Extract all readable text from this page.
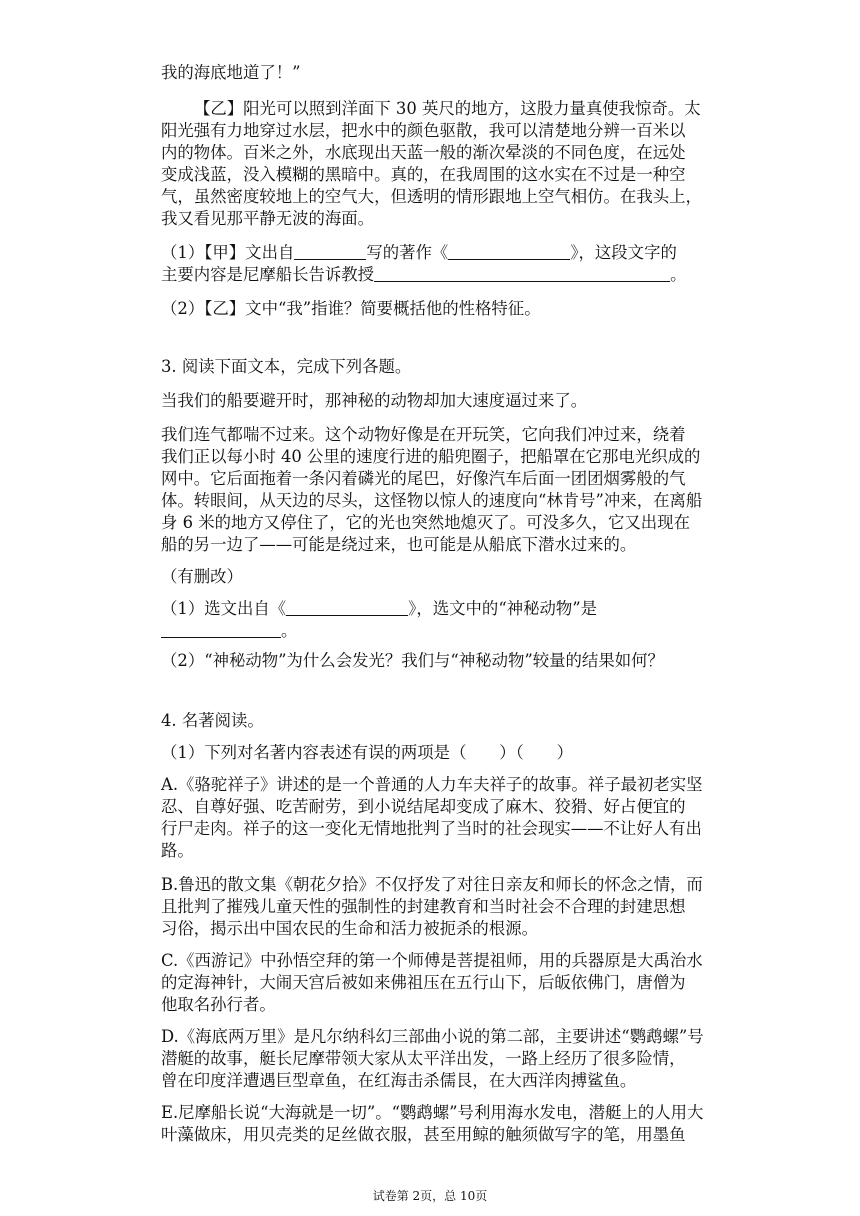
我的海底地道了！”
【乙】阳光可以照到洋面下 30 英尺的地方，这股力量真使我惊奇。太
阳光强有力地穿过水层，把水中的颜色驱散，我可以清楚地分辨一百米以
内的物体。百米之外，水底现出天蓝一般的渐次晕淡的不同色度，在远处
变成浅蓝，没入模糊的黑暗中。真的，在我周围的这水实在不过是一种空
气，虽然密度较地上的空气大，但透明的情形跟地上空气相仿。在我头上，
我又看见那平静无波的海面。
（1）【甲】文出自	写的著作《	》，这段文字的
主要内容是尼摩船长告诉教授	。
（2）【乙】文中“我”指谁？简要概括他的性格特征。
3. 阅读下面文本，完成下列各题。
当我们的船要避开时，那神秘的动物却加大速度逼过来了。
我们连气都喘不过来。这个动物好像是在开玩笑，它向我们冲过来，绕着
我们正以每小时 40 公里的速度行进的船兜圈子，把船罩在它那电光织成的
网中。它后面拖着一条闪着磷光的尾巴，好像汽车后面一团团烟雾般的气
体。转眼间，从天边的尽头，这怪物以惊人的速度向“林肯号”冲来，在离船
身 6 米的地方又停住了，它的光也突然地熄灭了。可没多久，它又出现在
船的另一边了——可能是绕过来，也可能是从船底下潜水过来的。
（有删改）
（1）选文出自《	》，选文中的“神秘动物”是
。
（2）“神秘动物”为什么会发光？我们与“神秘动物”较量的结果如何？
4. 名著阅读。
（1）下列对名著内容表述有误的两项是（　　）（　　）
A.《骆驼祥子》讲述的是一个普通的人力车夫祥子的故事。祥子最初老实坚
忍、自尊好强、吃苦耐劳，到小说结尾却变成了麻木、狡猾、好占便宜的
行尸走肉。祥子的这一变化无情地批判了当时的社会现实——不让好人有出
路。
B.鲁迅的散文集《朝花夕拾》不仅抒发了对往日亲友和师长的怀念之情，而
且批判了摧残儿童天性的强制性的封建教育和当时社会不合理的封建思想
习俗，揭示出中国农民的生命和活力被扼杀的根源。
C.《西游记》中孙悟空拜的第一个师傅是菩提祖师，用的兵器原是大禹治水
的定海神针，大闹天宫后被如来佛祖压在五行山下，后皈依佛门，唐僧为
他取名孙行者。
D.《海底两万里》是凡尔纳科幻三部曲小说的第二部，主要讲述“鹦鹉螺”号
潜艇的故事，艇长尼摩带领大家从太平洋出发，一路上经历了很多险情，
曾在印度洋遭遇巨型章鱼，在红海击杀儒艮，在大西洋肉搏鲨鱼。
E.尼摩船长说“大海就是一切”。“鹦鹉螺”号利用海水发电，潜艇上的人用大
叶藻做床，用贝壳类的足丝做衣服，甚至用鲸的触须做写字的笔，用墨鱼
试卷第 2页，总 10页
